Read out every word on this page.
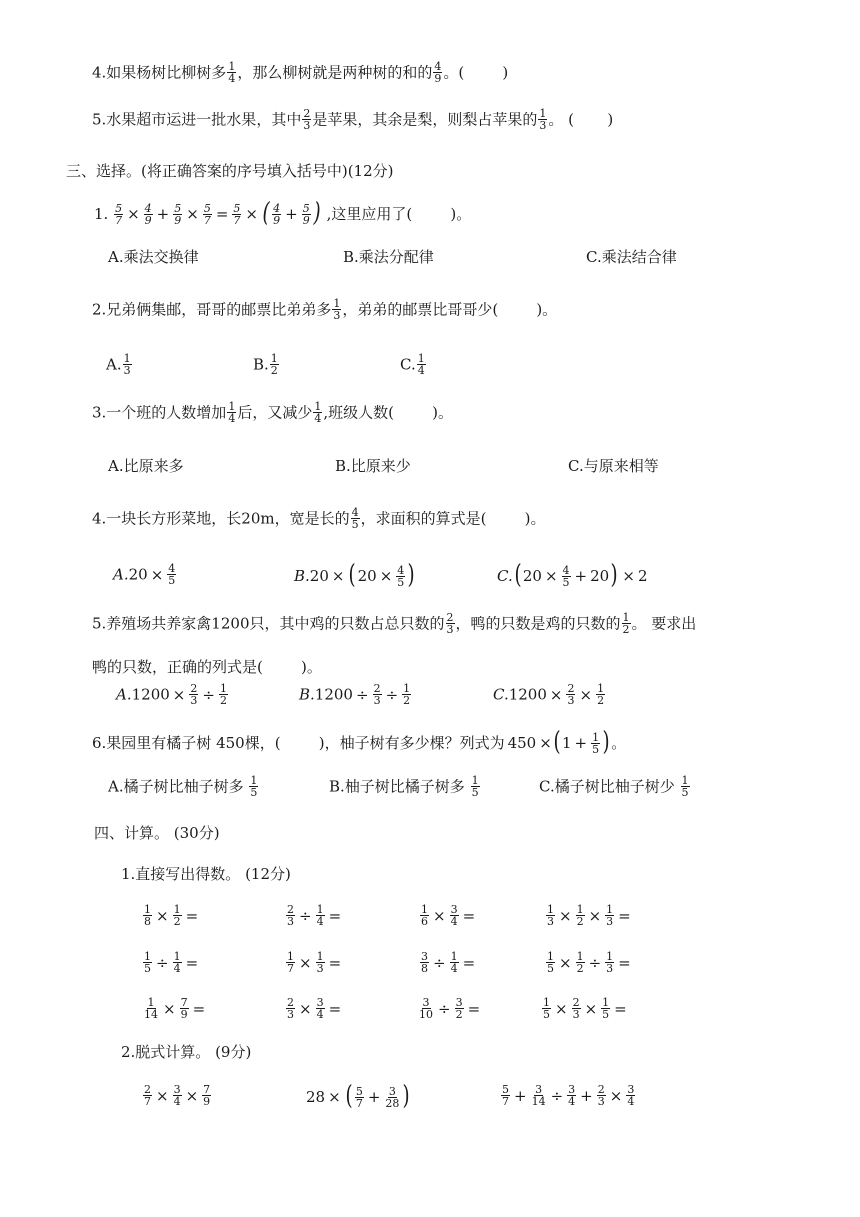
4.如果杨树比柳树多 $\frac{1}{4}$ ，那么柳树就是两种树的和的 $\frac{4}{9}$ 。(        )
5.水果超市运进一批水果，其中 $\frac{2}{3}$ 是苹果，其余是梨，则梨占苹果的 $\frac{1}{3}$ 。 (       )
三、选择。(将正确答案的序号填入括号中)(12分)
1. $\frac{5}{7} \times \frac{4}{9} + \frac{5}{9} \times \frac{5}{7} = \frac{5}{7}$ × ( $\frac{4}{9} + \frac{5}{9}$ ) ,这里应用了(        )。
A.乘法交换律	B.乘法分配律	C.乘法结合律
2.兄弟俩集邮，哥哥的邮票比弟弟多 $\frac{1}{3}$ ，弟弟的邮票比哥哥少(        )。
A. $\frac{1}{3}$	B. $\frac{1}{2}$	C. $\frac{1}{4}$
3.一个班的人数增加 $\frac{1}{4}$ 后，又减少 $\frac{1}{4}$ ,班级人数(        )。
A.比原来多	B.比原来少	C.与原来相等
4.一块长方形菜地，长20m，宽是长的 $\frac{4}{5}$ ，求面积的算式是(        )。
$A.20 \times \frac{4}{5}$	B.20 × ( $20 \times \frac{4}{5}$ )	C.( $20 \times \frac{4}{5} + 20) \times 2$
5.养殖场共养家禽1200只，其中鸡的只数占总只数的 $\frac{2}{3}$ ，鸭的只数是鸡的只数的 $\frac{1}{2}$ 。 要求出
鸭的只数，正确的列式是(        )。
$A.1200 \times \frac{2}{3} \div \frac{1}{2}$	$B.1200 \div \frac{2}{3} \div \frac{1}{2}$	$C.1200 \times \frac{2}{3} \times \frac{1}{2}$
6.果园里有橘子树 450棵，(        )，柚子树有多少棵？列式为 450 ×( $1 + \frac{1}{5}$ ) 。
A.橘子树比柚子树多 $\frac{1}{5}$	B.柚子树比橘子树多 $\frac{1}{5}$	C.橘子树比柚子树少 $\frac{1}{5}$
四、计算。 (30分)
1.直接写出得数。 (12分)
$\frac{1}{8} \times \frac{1}{2}$ =	$\frac{2}{3} \div \frac{1}{4}$ =	$\frac{1}{6} \times \frac{3}{4}$ =	$\frac{1}{3} \times \frac{1}{2} \times \frac{1}{3}$ =
$\frac{1}{5} \div \frac{1}{4}$ =	$\frac{1}{7} \times \frac{1}{3}$ =	$\frac{3}{8} \div \frac{1}{4}$ =	$\frac{1}{5} \times \frac{1}{2} \div \frac{1}{3}$ =
$\frac{1}{14} \times \frac{7}{9}$ =	$\frac{2}{3} \times \frac{3}{4}$ =	$\frac{3}{10} \div \frac{3}{2}$ =	$\frac{1}{5} \times \frac{2}{3} \times \frac{1}{5}$ =
2.脱式计算。 (9分)
$\frac{2}{7} \times \frac{3}{4} \times \frac{7}{9}$	28 × ( $\frac{5}{7} + \frac{3}{28}$ )	$\frac{5}{7} + \frac{3}{14} \div \frac{3}{4} + \frac{2}{3} \times \frac{3}{4}$
